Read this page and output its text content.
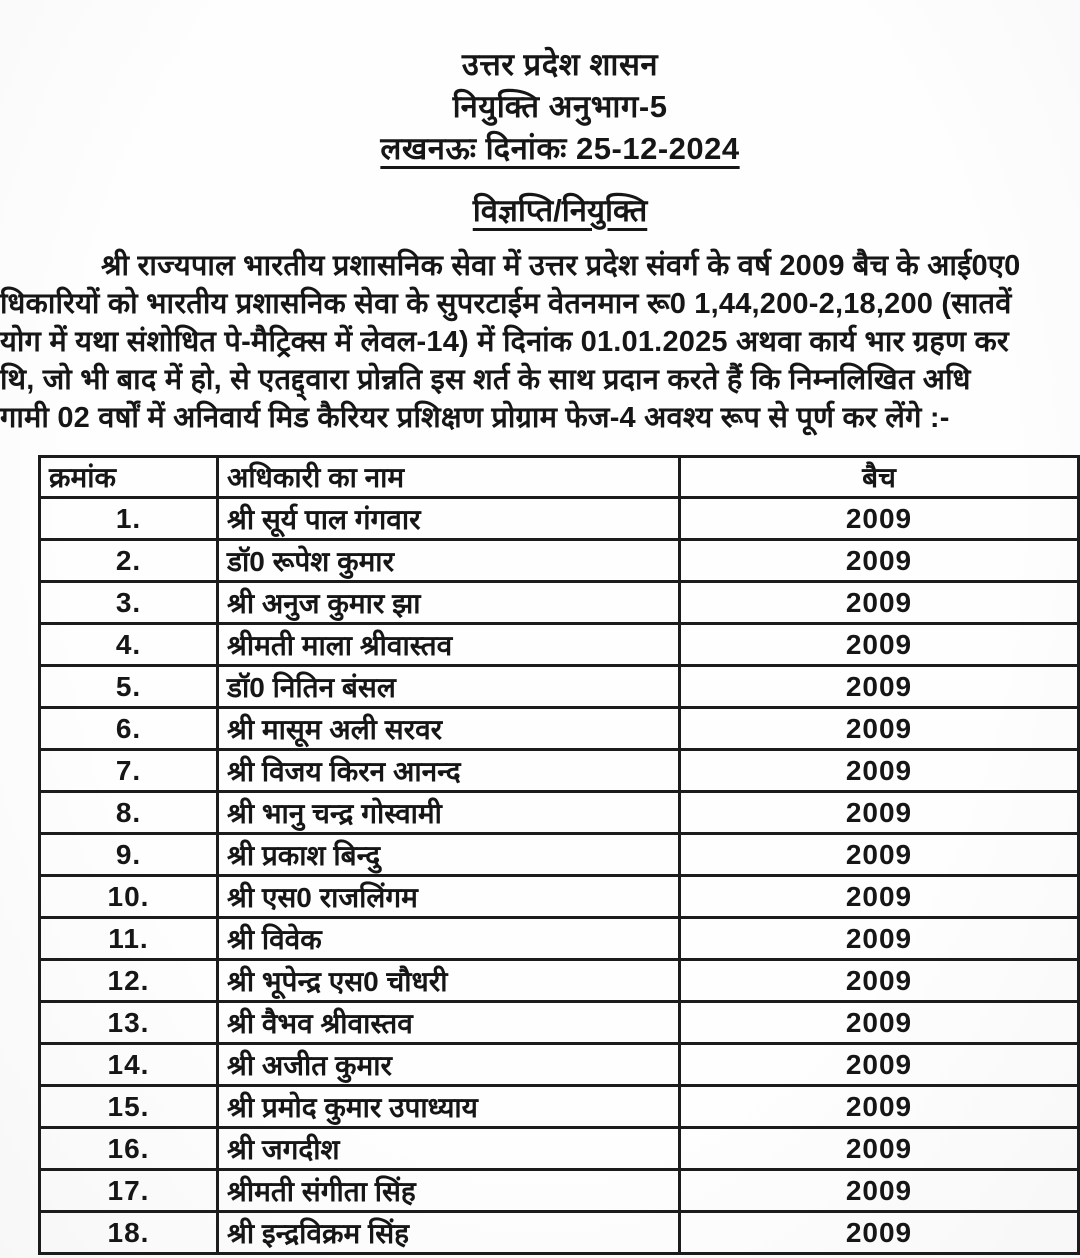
उत्तर प्रदेश शासन
नियुक्ति अनुभाग-5
लखनऊः दिनांकः 25-12-2024
विज्ञप्ति/नियुक्ति
श्री राज्यपाल भारतीय प्रशासनिक सेवा में उत्तर प्रदेश संवर्ग के वर्ष 2009 बैच के आई0ए0
धिकारियों को भारतीय प्रशासनिक सेवा के सुपरटाईम वेतनमान रू0 1,44,200-2,18,200 (सातवें
योग में यथा संशोधित पे-मैट्रिक्स में लेवल-14) में दिनांक 01.01.2025 अथवा कार्य भार ग्रहण कर
थि, जो भी बाद में हो, से एतद्द्वारा प्रोन्नति इस शर्त के साथ प्रदान करते हैं कि निम्नलिखित अधि
गामी 02 वर्षों में अनिवार्य मिड कैरियर प्रशिक्षण प्रोग्राम फेज-4 अवश्य रूप से पूर्ण कर लेंगे :-
क्रमांक	अधिकारी का नाम	बैच
1.	श्री सूर्य पाल गंगवार	2009
2.	डॉ0 रूपेश कुमार	2009
3.	श्री अनुज कुमार झा	2009
4.	श्रीमती माला श्रीवास्तव	2009
5.	डॉ0 नितिन बंसल	2009
6.	श्री मासूम अली सरवर	2009
7.	श्री विजय किरन आनन्द	2009
8.	श्री भानु चन्द्र गोस्वामी	2009
9.	श्री प्रकाश बिन्दु	2009
10.	श्री एस0 राजलिंगम	2009
11.	श्री विवेक	2009
12.	श्री भूपेन्द्र एस0 चौधरी	2009
13.	श्री वैभव श्रीवास्तव	2009
14.	श्री अजीत कुमार	2009
15.	श्री प्रमोद कुमार उपाध्याय	2009
16.	श्री जगदीश	2009
17.	श्रीमती संगीता सिंह	2009
18.	श्री इन्द्रविक्रम सिंह	2009
